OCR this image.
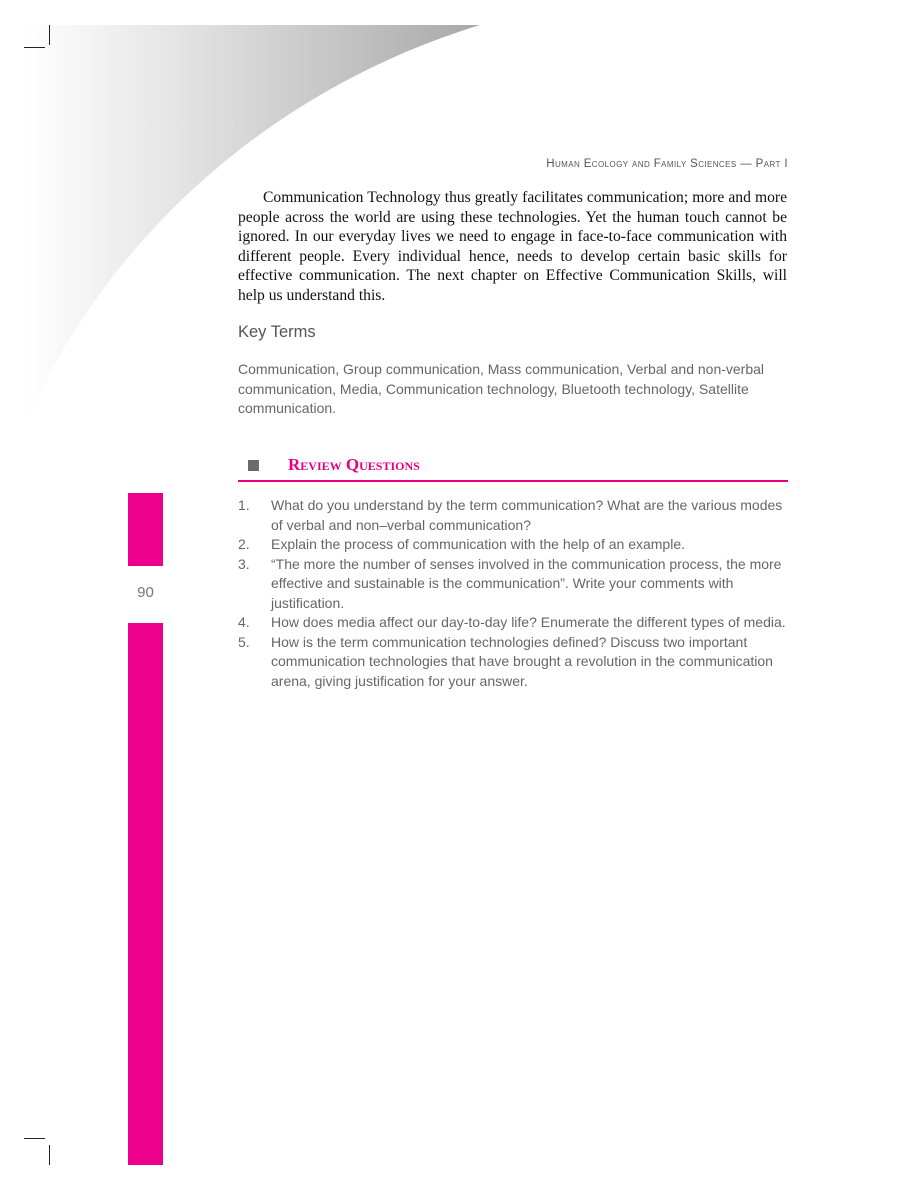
Human Ecology and Family Sciences — Part I

Communication Technology thus greatly facilitates communication; more and more people across the world are using these technologies. Yet the human touch cannot be ignored. In our everyday lives we need to engage in face-to-face communication with different people. Every individual hence, needs to develop certain basic skills for effective communication. The next chapter on Effective Communication Skills, will help us understand this.

Key Terms

Communication, Group communication, Mass communication, Verbal and non-verbal communication, Media, Communication technology, Bluetooth technology, Satellite communication.

Review Questions
1. What do you understand by the term communication? What are the various modes of verbal and non–verbal communication?
2. Explain the process of communication with the help of an example.
3. “The more the number of senses involved in the communication process, the more effective and sustainable is the communication”. Write your comments with justification.
4. How does media affect our day-to-day life? Enumerate the different types of media.
5. How is the term communication technologies defined? Discuss two important communication technologies that have brought a revolution in the communication arena, giving justification for your answer.
90
